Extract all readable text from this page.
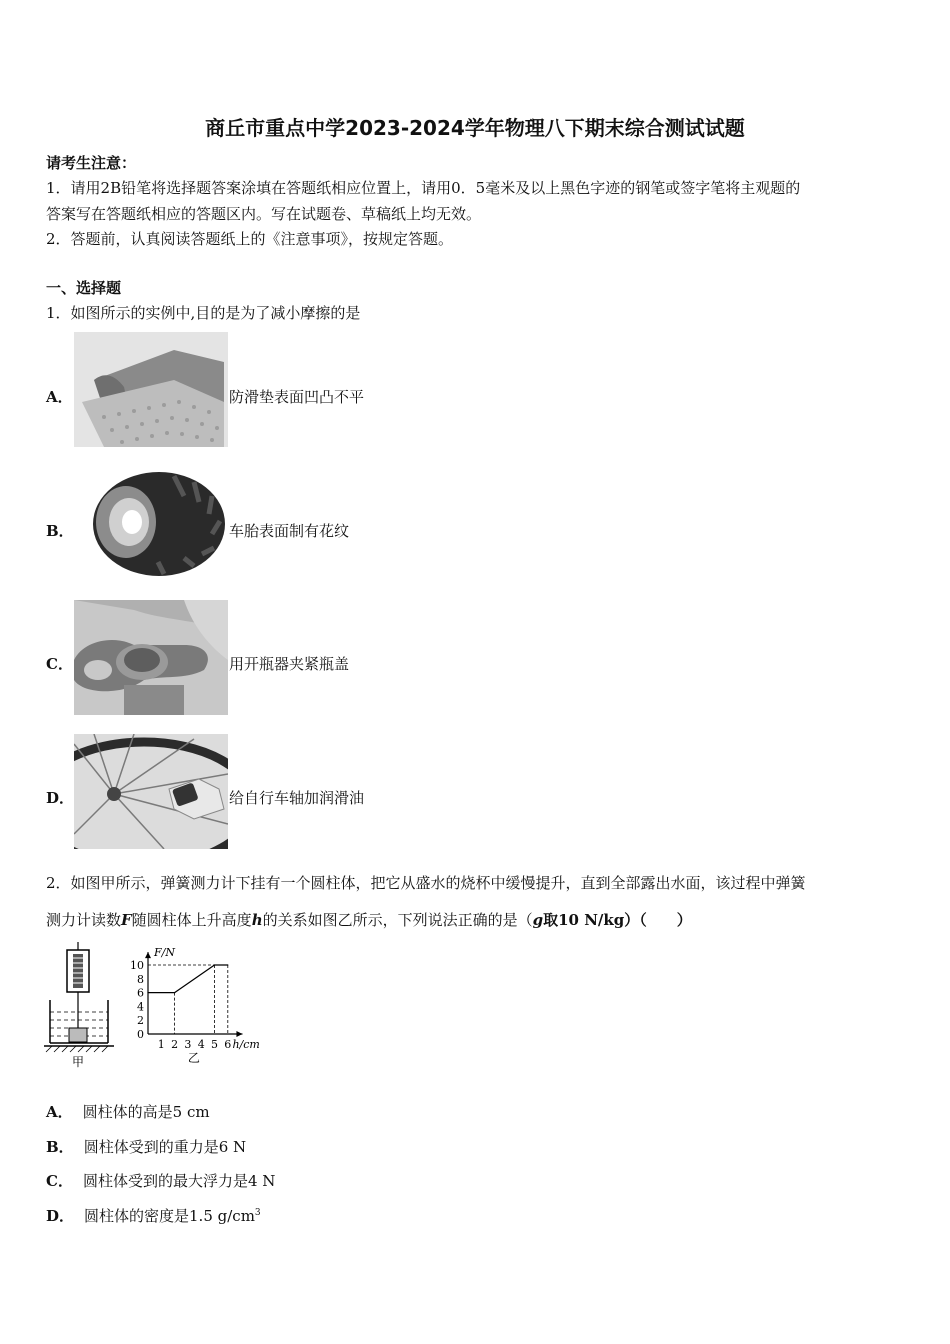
商丘市重点中学2023-2024学年物理八下期末综合测试试题
请考生注意：
1．请用2B铅笔将选择题答案涂填在答题纸相应位置上，请用0．5毫米及以上黑色字迹的钢笔或签字笔将主观题的
答案写在答题纸相应的答题区内。写在试题卷、草稿纸上均无效。
2．答题前，认真阅读答题纸上的《注意事项》，按规定答题。
一、选择题
1．如图所示的实例中,目的是为了减小摩擦的是
A．	防滑垫表面凹凸不平
B．	车胎表面制有花纹
C．	用开瓶器夹紧瓶盖
D．	给自行车轴加润滑油
2．如图甲所示，弹簧测力计下挂有一个圆柱体，把它从盛水的烧杯中缓慢提升，直到全部露出水面，该过程中弹簧
测力计读数F随圆柱体上升高度h的关系如图乙所示，下列说法正确的是（g取10 N/kg）（　　）
甲
0
2
4
6
8
10
1 2 3 4 5 6
F/N
h/cm
乙
A． 圆柱体的高是5 cm
B． 圆柱体受到的重力是6 N
C． 圆柱体受到的最大浮力是4 N
D． 圆柱体的密度是1.5 $g/cm^3$
